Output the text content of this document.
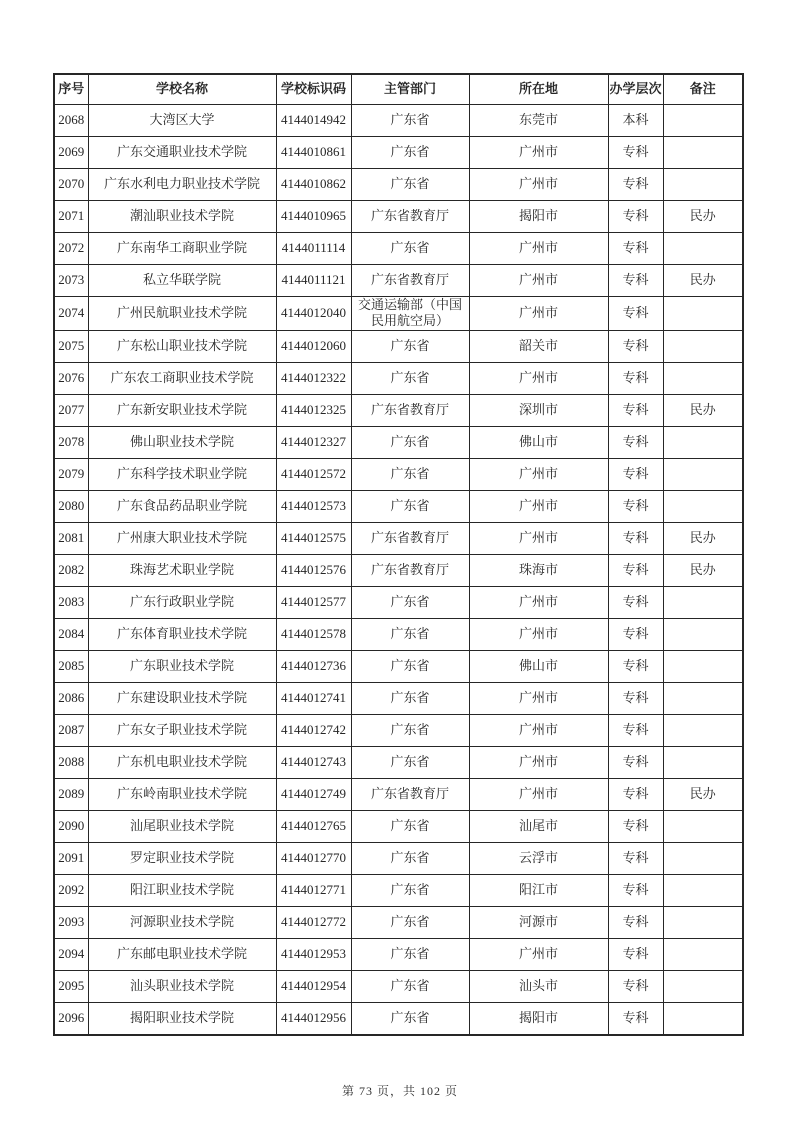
序号	学校名称	学校标识码	主管部门	所在地	办学层次	备注
2068	大湾区大学	4144014942	广东省	东莞市	本科	
2069	广东交通职业技术学院	4144010861	广东省	广州市	专科	
2070	广东水利电力职业技术学院	4144010862	广东省	广州市	专科	
2071	潮汕职业技术学院	4144010965	广东省教育厅	揭阳市	专科	民办
2072	广东南华工商职业学院	4144011114	广东省	广州市	专科	
2073	私立华联学院	4144011121	广东省教育厅	广州市	专科	民办
2074	广州民航职业技术学院	4144012040	交通运输部（中国民用航空局）	广州市	专科	
2075	广东松山职业技术学院	4144012060	广东省	韶关市	专科	
2076	广东农工商职业技术学院	4144012322	广东省	广州市	专科	
2077	广东新安职业技术学院	4144012325	广东省教育厅	深圳市	专科	民办
2078	佛山职业技术学院	4144012327	广东省	佛山市	专科	
2079	广东科学技术职业学院	4144012572	广东省	广州市	专科	
2080	广东食品药品职业学院	4144012573	广东省	广州市	专科	
2081	广州康大职业技术学院	4144012575	广东省教育厅	广州市	专科	民办
2082	珠海艺术职业学院	4144012576	广东省教育厅	珠海市	专科	民办
2083	广东行政职业学院	4144012577	广东省	广州市	专科	
2084	广东体育职业技术学院	4144012578	广东省	广州市	专科	
2085	广东职业技术学院	4144012736	广东省	佛山市	专科	
2086	广东建设职业技术学院	4144012741	广东省	广州市	专科	
2087	广东女子职业技术学院	4144012742	广东省	广州市	专科	
2088	广东机电职业技术学院	4144012743	广东省	广州市	专科	
2089	广东岭南职业技术学院	4144012749	广东省教育厅	广州市	专科	民办
2090	汕尾职业技术学院	4144012765	广东省	汕尾市	专科	
2091	罗定职业技术学院	4144012770	广东省	云浮市	专科	
2092	阳江职业技术学院	4144012771	广东省	阳江市	专科	
2093	河源职业技术学院	4144012772	广东省	河源市	专科	
2094	广东邮电职业技术学院	4144012953	广东省	广州市	专科	
2095	汕头职业技术学院	4144012954	广东省	汕头市	专科	
2096	揭阳职业技术学院	4144012956	广东省	揭阳市	专科	
第 73 页，共 102 页
